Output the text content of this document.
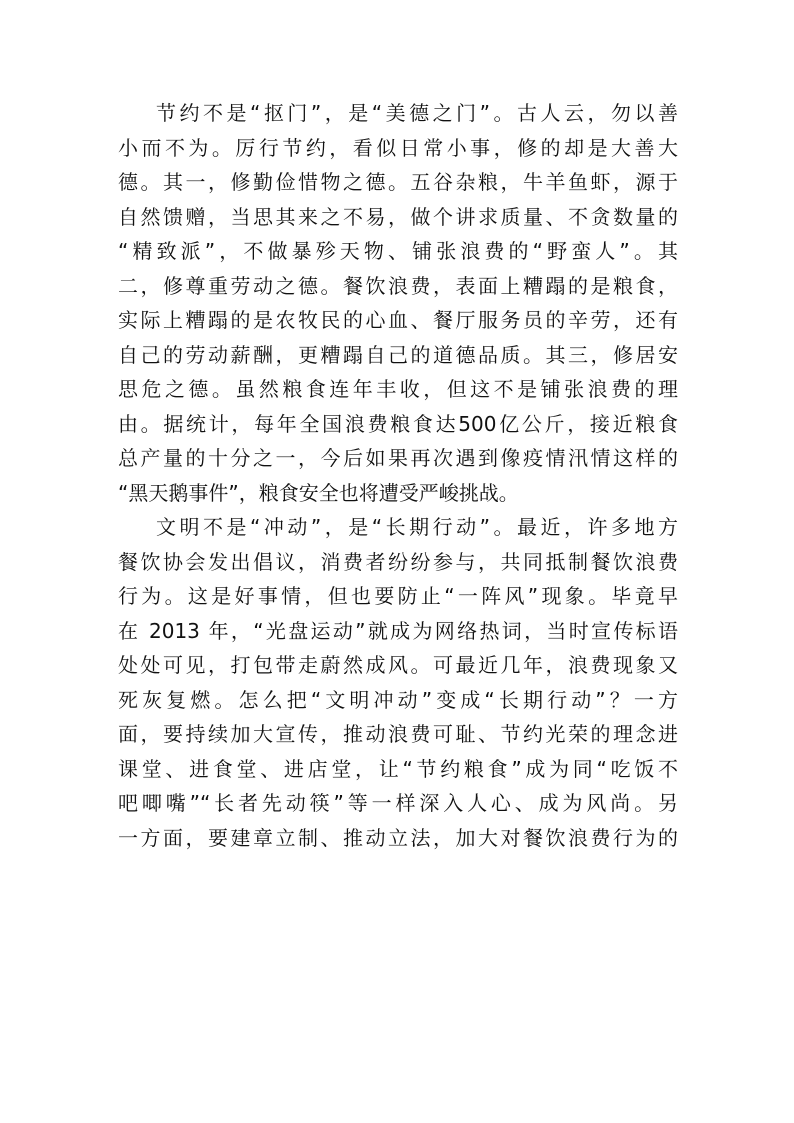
节约不是“抠门”，是“美德之门”。古人云，勿以善
小而不为。厉行节约，看似日常小事，修的却是大善大
德。其一，修勤俭惜物之德。五谷杂粮，牛羊鱼虾，源于
自然馈赠，当思其来之不易，做个讲求质量、不贪数量的
“精致派”，不做暴殄天物、铺张浪费的“野蛮人”。其
二，修尊重劳动之德。餐饮浪费，表面上糟蹋的是粮食，
实际上糟蹋的是农牧民的心血、餐厅服务员的辛劳，还有
自己的劳动薪酬，更糟蹋自己的道德品质。其三，修居安
思危之德。虽然粮食连年丰收，但这不是铺张浪费的理
由。据统计，每年全国浪费粮食达500亿公斤，接近粮食
总产量的十分之一，今后如果再次遇到像疫情汛情这样的
“黑天鹅事件”，粮食安全也将遭受严峻挑战。
文明不是“冲动”，是“长期行动”。最近，许多地方
餐饮协会发出倡议，消费者纷纷参与，共同抵制餐饮浪费
行为。这是好事情，但也要防止“一阵风”现象。毕竟早
在 2013 年，“光盘运动”就成为网络热词，当时宣传标语
处处可见，打包带走蔚然成风。可最近几年，浪费现象又
死灰复燃。怎么把“文明冲动”变成“长期行动”？一方
面，要持续加大宣传，推动浪费可耻、节约光荣的理念进
课堂、进食堂、进店堂，让“节约粮食”成为同“吃饭不
吧唧嘴”“长者先动筷”等一样深入人心、成为风尚。另
一方面，要建章立制、推动立法，加大对餐饮浪费行为的
